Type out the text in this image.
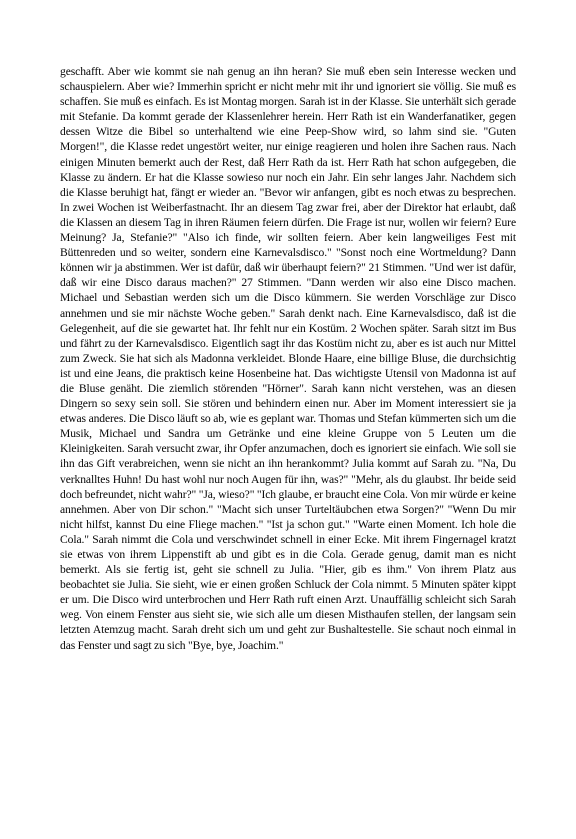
geschafft. Aber wie kommt sie nah genug an ihn heran? Sie muß eben sein Interesse wecken und schauspielern. Aber wie? Immerhin spricht er nicht mehr mit ihr und ignoriert sie völlig. Sie muß es schaffen. Sie muß es einfach. Es ist Montag morgen. Sarah ist in der Klasse. Sie unterhält sich gerade mit Stefanie. Da kommt gerade der Klassenlehrer herein. Herr Rath ist ein Wanderfanatiker, gegen dessen Witze die Bibel so unterhaltend wie eine Peep-Show wird, so lahm sind sie. "Guten Morgen!", die Klasse redet ungestört weiter, nur einige reagieren und holen ihre Sachen raus. Nach einigen Minuten bemerkt auch der Rest, daß Herr Rath da ist. Herr Rath hat schon aufgegeben, die Klasse zu ändern. Er hat die Klasse sowieso nur noch ein Jahr. Ein sehr langes Jahr. Nachdem sich die Klasse beruhigt hat, fängt er wieder an. "Bevor wir anfangen, gibt es noch etwas zu besprechen. In zwei Wochen ist Weiberfastnacht. Ihr an diesem Tag zwar frei, aber der Direktor hat erlaubt, daß die Klassen an diesem Tag in ihren Räumen feiern dürfen. Die Frage ist nur, wollen wir feiern? Eure Meinung? Ja, Stefanie?" "Also ich finde, wir sollten feiern. Aber kein langweiliges Fest mit Büttenreden und so weiter, sondern eine Karnevalsdisco." "Sonst noch eine Wortmeldung? Dann können wir ja abstimmen. Wer ist dafür, daß wir überhaupt feiern?" 21 Stimmen. "Und wer ist dafür, daß wir eine Disco daraus machen?" 27 Stimmen. "Dann werden wir also eine Disco machen. Michael und Sebastian werden sich um die Disco kümmern. Sie werden Vorschläge zur Disco annehmen und sie mir nächste Woche geben." Sarah denkt nach. Eine Karnevalsdisco, daß ist die Gelegenheit, auf die sie gewartet hat. Ihr fehlt nur ein Kostüm. 2 Wochen später. Sarah sitzt im Bus und fährt zu der Karnevalsdisco. Eigentlich sagt ihr das Kostüm nicht zu, aber es ist auch nur Mittel zum Zweck. Sie hat sich als Madonna verkleidet. Blonde Haare, eine billige Bluse, die durchsichtig ist und eine Jeans, die praktisch keine Hosenbeine hat. Das wichtigste Utensil von Madonna ist auf die Bluse genäht. Die ziemlich störenden "Hörner". Sarah kann nicht verstehen, was an diesen Dingern so sexy sein soll. Sie stören und behindern einen nur. Aber im Moment interessiert sie ja etwas anderes. Die Disco läuft so ab, wie es geplant war. Thomas und Stefan kümmerten sich um die Musik, Michael und Sandra um Getränke und eine kleine Gruppe von 5 Leuten um die Kleinigkeiten. Sarah versucht zwar, ihr Opfer anzumachen, doch es ignoriert sie einfach. Wie soll sie ihn das Gift verabreichen, wenn sie nicht an ihn herankommt? Julia kommt auf Sarah zu. "Na, Du verknalltes Huhn! Du hast wohl nur noch Augen für ihn, was?" "Mehr, als du glaubst. Ihr beide seid doch befreundet, nicht wahr?" "Ja, wieso?" "Ich glaube, er braucht eine Cola. Von mir würde er keine annehmen. Aber von Dir schon." "Macht sich unser Turteltäubchen etwa Sorgen?" "Wenn Du mir nicht hilfst, kannst Du eine Fliege machen." "Ist ja schon gut." "Warte einen Moment. Ich hole die Cola." Sarah nimmt die Cola und verschwindet schnell in einer Ecke. Mit ihrem Fingernagel kratzt sie etwas von ihrem Lippenstift ab und gibt es in die Cola. Gerade genug, damit man es nicht bemerkt. Als sie fertig ist, geht sie schnell zu Julia. "Hier, gib es ihm." Von ihrem Platz aus beobachtet sie Julia. Sie sieht, wie er einen großen Schluck der Cola nimmt. 5 Minuten später kippt er um. Die Disco wird unterbrochen und Herr Rath ruft einen Arzt. Unauffällig schleicht sich Sarah weg. Von einem Fenster aus sieht sie, wie sich alle um diesen Misthaufen stellen, der langsam sein letzten Atemzug macht. Sarah dreht sich um und geht zur Bushaltestelle. Sie schaut noch einmal in das Fenster und sagt zu sich "Bye, bye, Joachim."
